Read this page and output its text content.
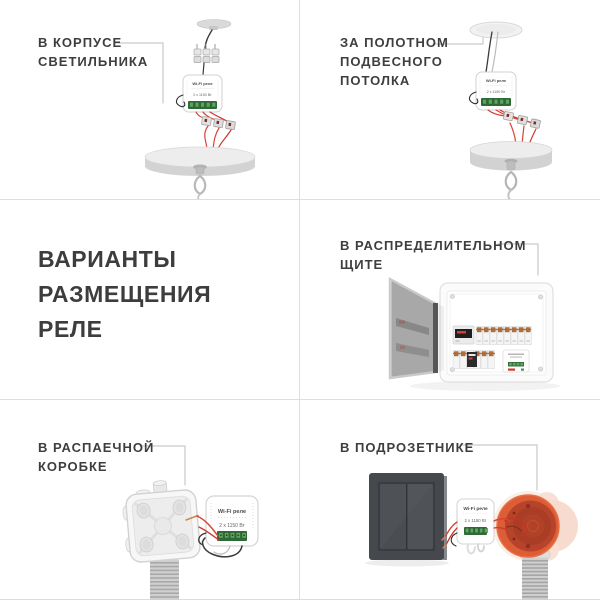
В КОРПУСЕ
СВЕТИЛЬНИКА
Wi-Fi реле
2 x 1150 Вт
ЗА ПОЛОТНОМ
ПОДВЕСНОГО
ПОТОЛКА	Wi-Fi реле
2 x 1150 Вт
ВАРИАНТЫ
РАЗМЕЩЕНИЯ
РЕЛЕ
В РАСПРЕДЕЛИТЕЛЬНОМ
ЩИТЕ
В РАСПАЕЧНОЙ
КОРОБКЕ
Wi-Fi реле
2 x 1150 Вт
В ПОДРОЗЕТНИКЕ
Wi-Fi реле
2 x 1150 Вт
